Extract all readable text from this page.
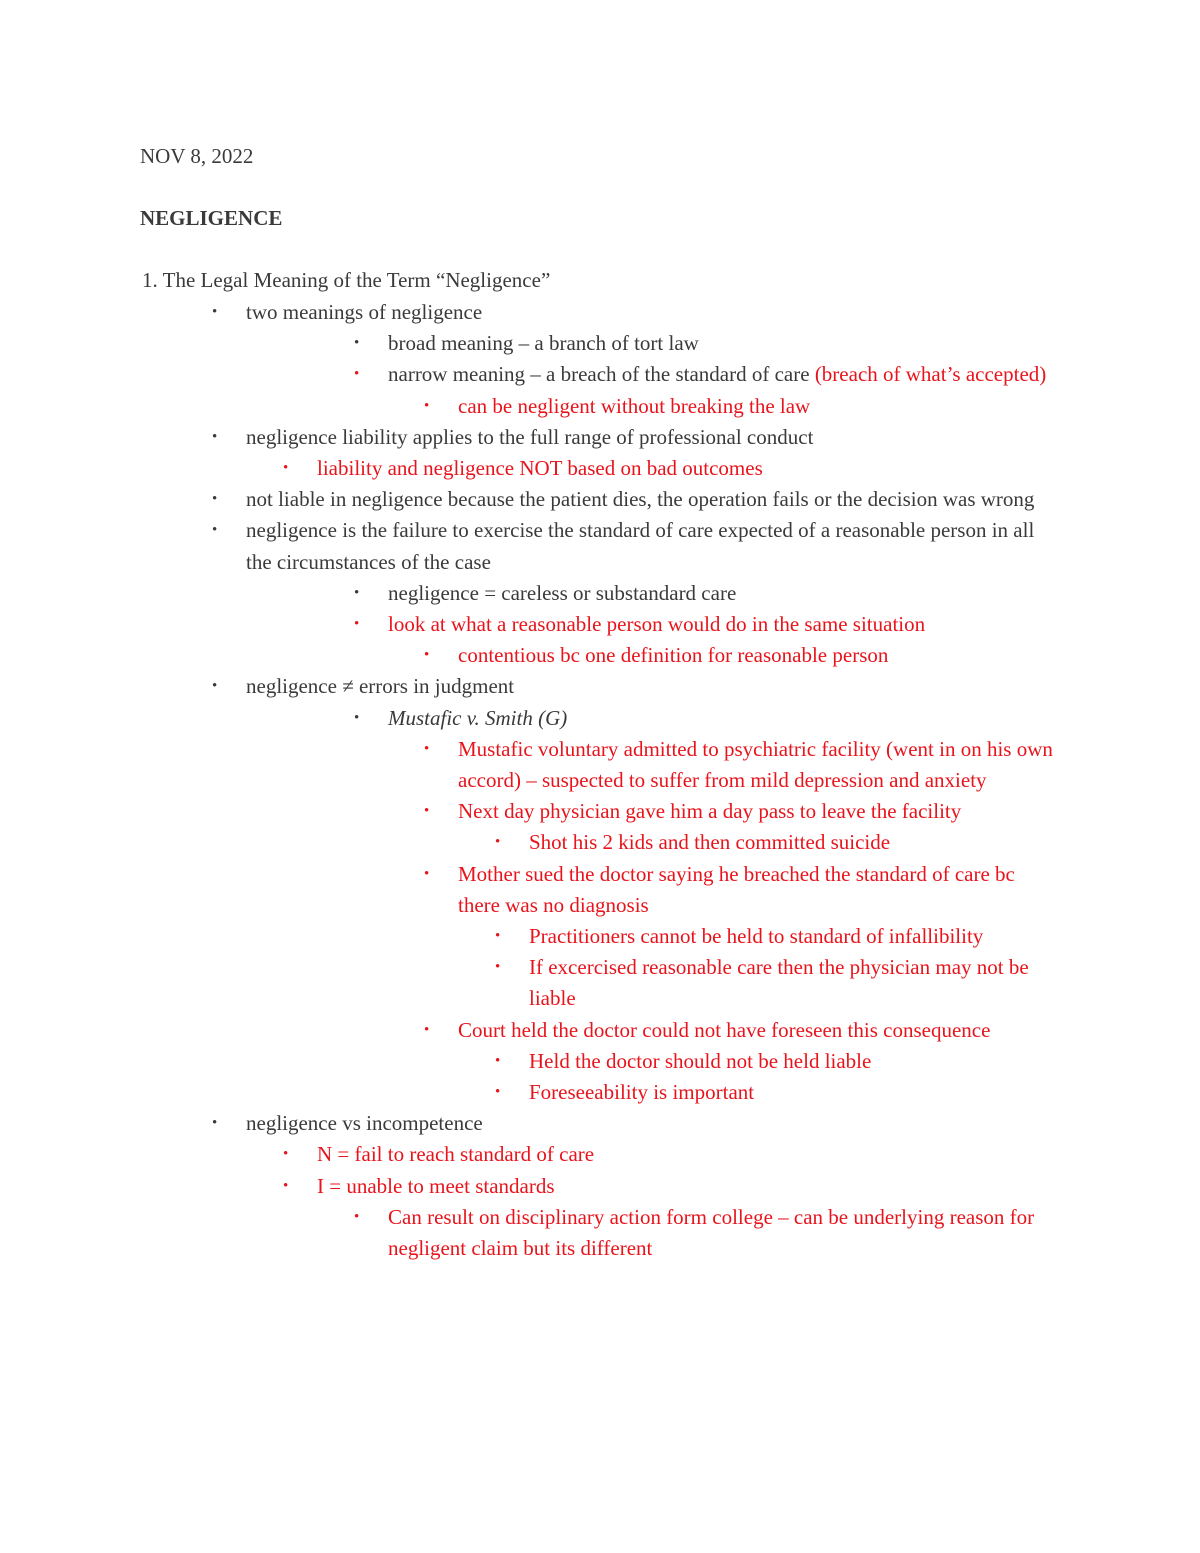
NOV 8, 2022
NEGLIGENCE
1. The Legal Meaning of the Term “Negligence”
• two meanings of negligence
• broad meaning – a branch of tort law
• narrow meaning – a breach of the standard of care (breach of what’s accepted)
• can be negligent without breaking the law
• negligence liability applies to the full range of professional conduct
• liability and negligence NOT based on bad outcomes
• not liable in negligence because the patient dies, the operation fails or the decision was wrong
• negligence is the failure to exercise the standard of care expected of a reasonable person in all the circumstances of the case
• negligence = careless or substandard care
• look at what a reasonable person would do in the same situation
• contentious bc one definition for reasonable person
• negligence ≠ errors in judgment
• Mustafic v. Smith (G)
• Mustafic voluntary admitted to psychiatric facility (went in on his own accord) – suspected to suffer from mild depression and anxiety
• Next day physician gave him a day pass to leave the facility
• Shot his 2 kids and then committed suicide
• Mother sued the doctor saying he breached the standard of care bc there was no diagnosis
• Practitioners cannot be held to standard of infallibility
• If excercised reasonable care then the physician may not be liable
• Court held the doctor could not have foreseen this consequence
• Held the doctor should not be held liable
• Foreseeability is important
• negligence vs incompetence
• N = fail to reach standard of care
• I = unable to meet standards
• Can result on disciplinary action form college – can be underlying reason for negligent claim but its different
